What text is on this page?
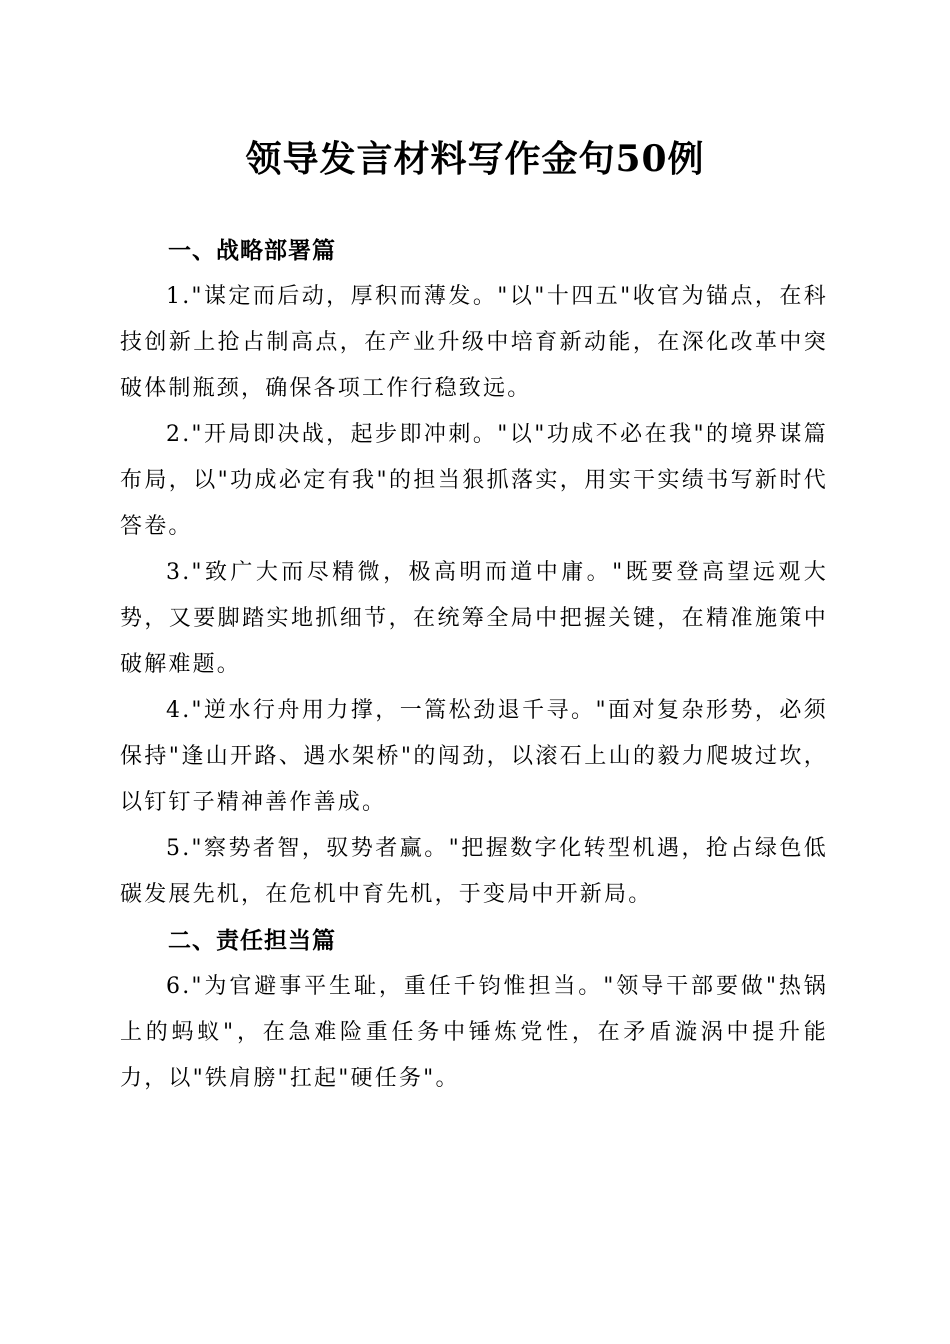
领导发言材料写作金句50例
一、战略部署篇

1."谋定而后动，厚积而薄发。"以"十四五"收官为锚点，在科技创新上抢占制高点，在产业升级中培育新动能，在深化改革中突破体制瓶颈，确保各项工作行稳致远。

2."开局即决战，起步即冲刺。"以"功成不必在我"的境界谋篇布局，以"功成必定有我"的担当狠抓落实，用实干实绩书写新时代答卷。

3."致广大而尽精微，极高明而道中庸。"既要登高望远观大势，又要脚踏实地抓细节，在统筹全局中把握关键，在精准施策中破解难题。

4."逆水行舟用力撑，一篙松劲退千寻。"面对复杂形势，必须保持"逢山开路、遇水架桥"的闯劲，以滚石上山的毅力爬坡过坎，以钉钉子精神善作善成。

5."察势者智，驭势者赢。"把握数字化转型机遇，抢占绿色低碳发展先机，在危机中育先机，于变局中开新局。

二、责任担当篇

6."为官避事平生耻，重任千钧惟担当。"领导干部要做"热锅上的蚂蚁"，在急难险重任务中锤炼党性，在矛盾漩涡中提升能力，以"铁肩膀"扛起"硬任务"。
